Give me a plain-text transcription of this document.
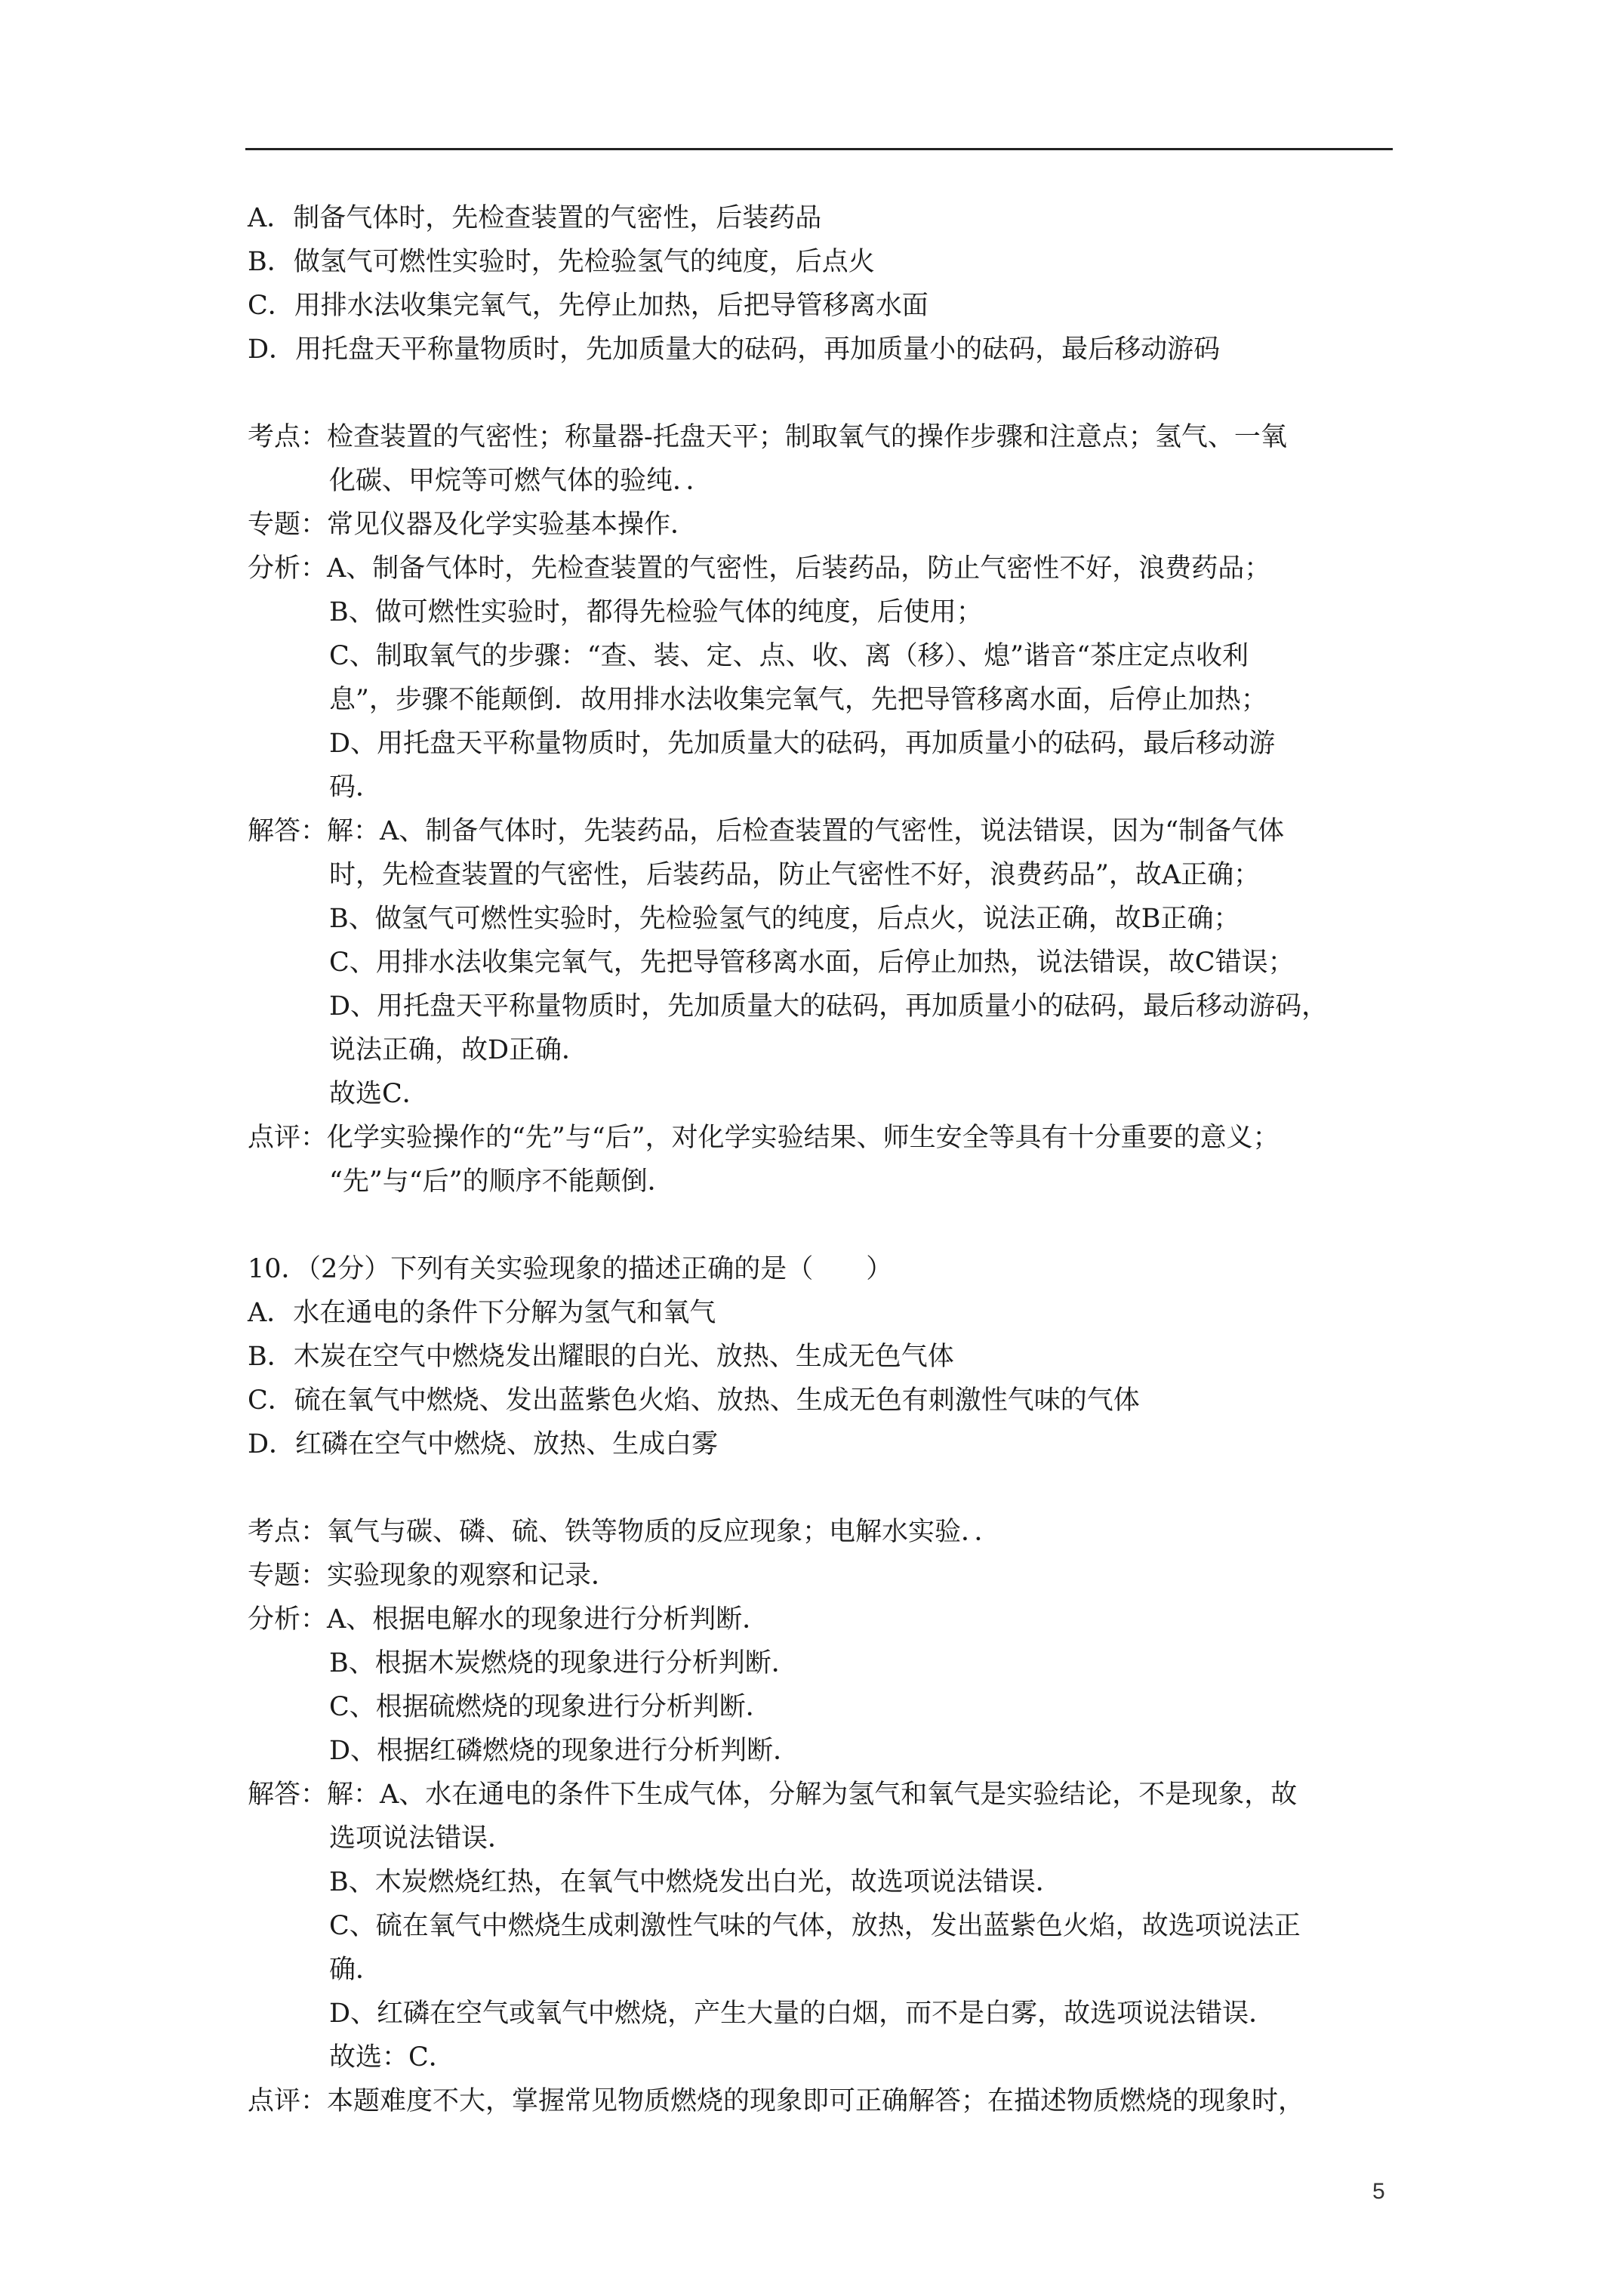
A．制备气体时，先检查装置的气密性，后装药品
B．做氢气可燃性实验时，先检验氢气的纯度，后点火
C．用排水法收集完氧气，先停止加热，后把导管移离水面
D．用托盘天平称量物质时，先加质量大的砝码，再加质量小的砝码，最后移动游码
考点：检查装置的气密性；称量器-托盘天平；制取氧气的操作步骤和注意点；氢气、一氧
化碳、甲烷等可燃气体的验纯．．
专题：常见仪器及化学实验基本操作．
分析：A、制备气体时，先检查装置的气密性，后装药品，防止气密性不好，浪费药品；
B、做可燃性实验时，都得先检验气体的纯度，后使用；
C、制取氧气的步骤：“查、装、定、点、收、离（移）、熄”谐音“茶庄定点收利
息”，步骤不能颠倒．故用排水法收集完氧气，先把导管移离水面，后停止加热；
D、用托盘天平称量物质时，先加质量大的砝码，再加质量小的砝码，最后移动游
码．
解答：解：A、制备气体时，先装药品，后检查装置的气密性，说法错误，因为“制备气体
时，先检查装置的气密性，后装药品，防止气密性不好，浪费药品”，故A正确；
B、做氢气可燃性实验时，先检验氢气的纯度，后点火，说法正确，故B正确；
C、用排水法收集完氧气，先把导管移离水面，后停止加热，说法错误，故C错误；
D、用托盘天平称量物质时，先加质量大的砝码，再加质量小的砝码，最后移动游码，
说法正确，故D正确．
故选C．
点评：化学实验操作的“先”与“后”，对化学实验结果、师生安全等具有十分重要的意义；
“先”与“后”的顺序不能颠倒．
10．（2分）下列有关实验现象的描述正确的是（　　）
A．水在通电的条件下分解为氢气和氧气
B．木炭在空气中燃烧发出耀眼的白光、放热、生成无色气体
C．硫在氧气中燃烧、发出蓝紫色火焰、放热、生成无色有刺激性气味的气体
D．红磷在空气中燃烧、放热、生成白雾
考点：氧气与碳、磷、硫、铁等物质的反应现象；电解水实验．．
专题：实验现象的观察和记录．
分析：A、根据电解水的现象进行分析判断．
B、根据木炭燃烧的现象进行分析判断．
C、根据硫燃烧的现象进行分析判断．
D、根据红磷燃烧的现象进行分析判断．
解答：解：A、水在通电的条件下生成气体，分解为氢气和氧气是实验结论，不是现象，故
选项说法错误．
B、木炭燃烧红热，在氧气中燃烧发出白光，故选项说法错误．
C、硫在氧气中燃烧生成刺激性气味的气体，放热，发出蓝紫色火焰，故选项说法正
确．
D、红磷在空气或氧气中燃烧，产生大量的白烟，而不是白雾，故选项说法错误．
故选：C．
点评：本题难度不大，掌握常见物质燃烧的现象即可正确解答；在描述物质燃烧的现象时，
5
